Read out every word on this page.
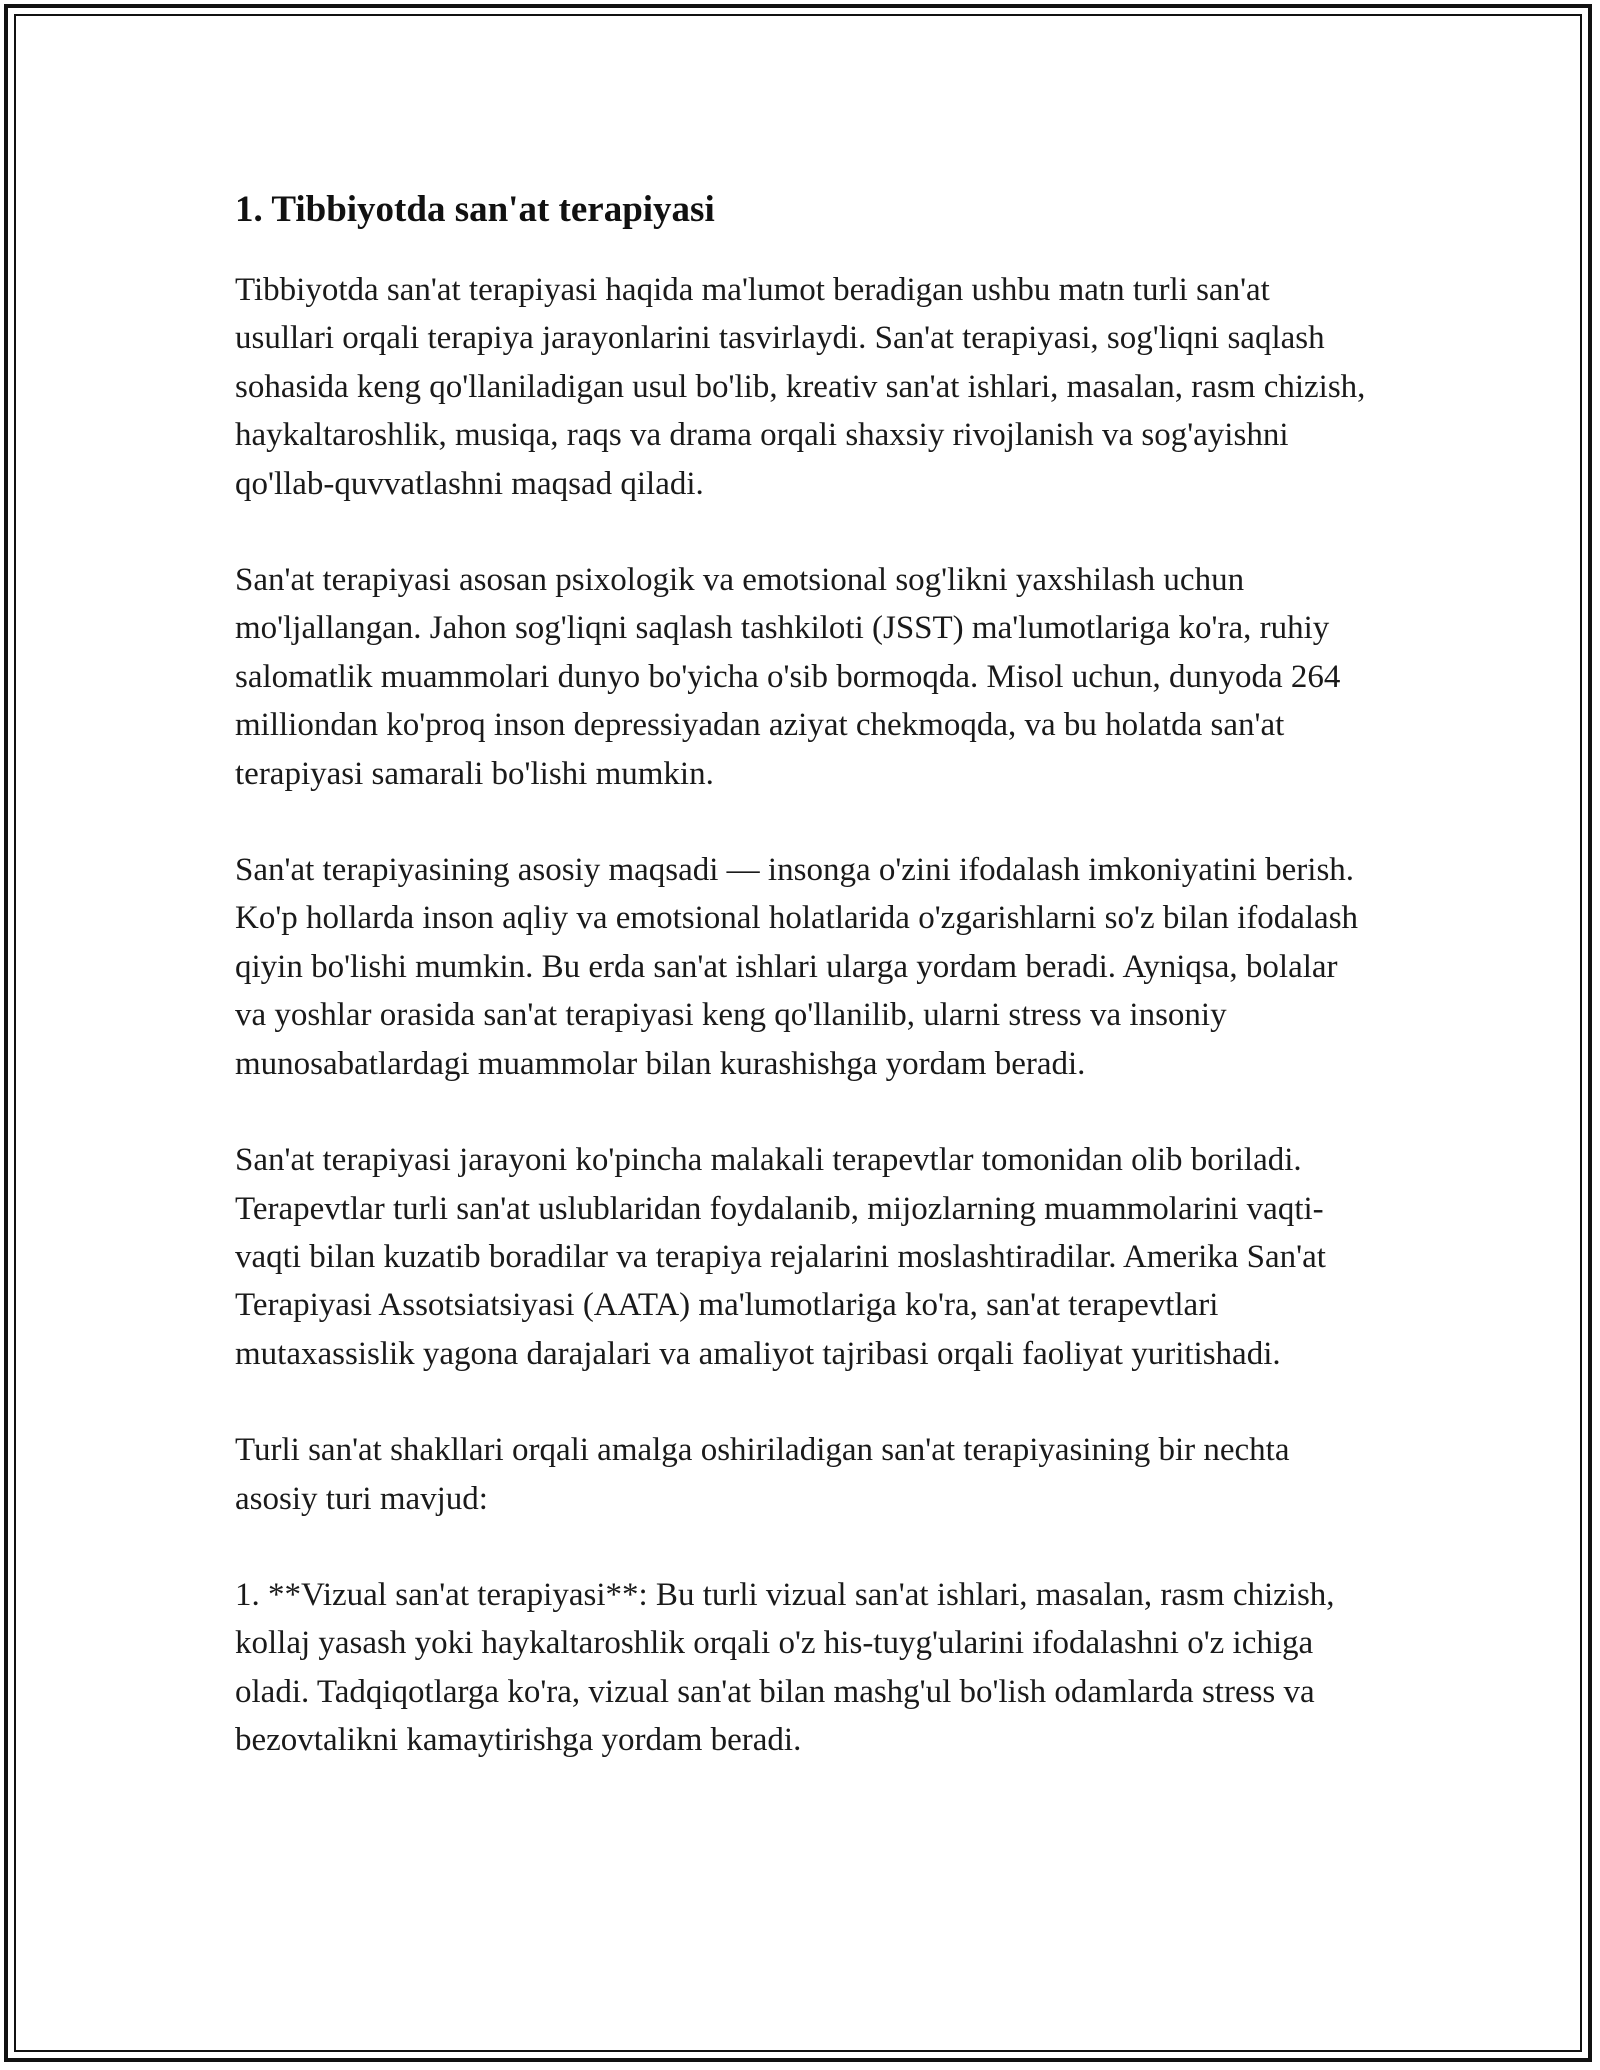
1. Tibbiyotda san'at terapiyasi

Tibbiyotda san'at terapiyasi haqida ma'lumot beradigan ushbu matn turli san'at usullari orqali terapiya jarayonlarini tasvirlaydi. San'at terapiyasi, sog'liqni saqlash sohasida keng qo'llaniladigan usul bo'lib, kreativ san'at ishlari, masalan, rasm chizish, haykaltaroshlik, musiqa, raqs va drama orqali shaxsiy rivojlanish va sog'ayishni qo'llab-quvvatlashni maqsad qiladi.

San'at terapiyasi asosan psixologik va emotsional sog'likni yaxshilash uchun mo'ljallangan. Jahon sog'liqni saqlash tashkiloti (JSST) ma'lumotlariga ko'ra, ruhiy salomatlik muammolari dunyo bo'yicha o'sib bormoqda. Misol uchun, dunyoda 264 milliondan ko'proq inson depressiyadan aziyat chekmoqda, va bu holatda san'at terapiyasi samarali bo'lishi mumkin.

San'at terapiyasining asosiy maqsadi — insonga o'zini ifodalash imkoniyatini berish. Ko'p hollarda inson aqliy va emotsional holatlarida o'zgarishlarni so'z bilan ifodalash qiyin bo'lishi mumkin. Bu erda san'at ishlari ularga yordam beradi. Ayniqsa, bolalar va yoshlar orasida san'at terapiyasi keng qo'llanilib, ularni stress va insoniy munosabatlardagi muammolar bilan kurashishga yordam beradi.

San'at terapiyasi jarayoni ko'pincha malakali terapevtlar tomonidan olib boriladi. Terapevtlar turli san'at uslublaridan foydalanib, mijozlarning muammolarini vaqti-vaqti bilan kuzatib boradilar va terapiya rejalarini moslashtiradilar. Amerika San'at Terapiyasi Assotsiatsiyasi (AATA) ma'lumotlariga ko'ra, san'at terapevtlari mutaxassislik yagona darajalari va amaliyot tajribasi orqali faoliyat yuritishadi.

Turli san'at shakllari orqali amalga oshiriladigan san'at terapiyasining bir nechta asosiy turi mavjud:

1. **Vizual san'at terapiyasi**: Bu turli vizual san'at ishlari, masalan, rasm chizish, kollaj yasash yoki haykaltaroshlik orqali o'z his-tuyg'ularini ifodalashni o'z ichiga oladi. Tadqiqotlarga ko'ra, vizual san'at bilan mashg'ul bo'lish odamlarda stress va bezovtalikni kamaytirishga yordam beradi.
